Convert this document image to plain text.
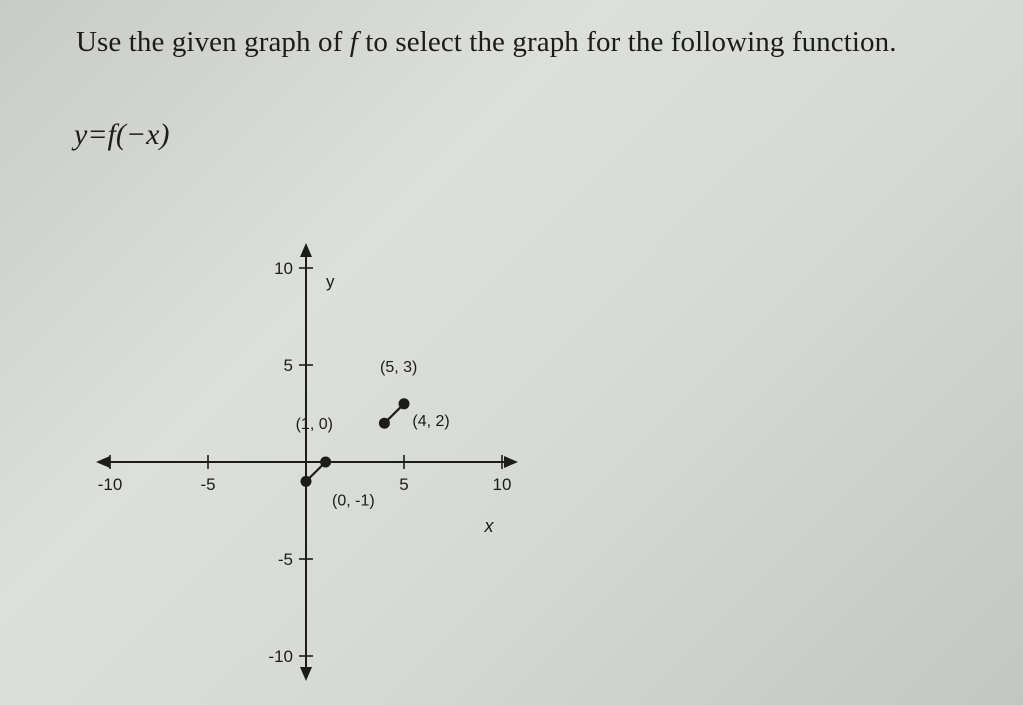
Use the given graph of f to select the graph for the following function.
y=f(−x)
-10	-5	5	10
10
5
-5
-10
x
y
(0, -1)
(1, 0)	(4, 2)
(5, 3)
